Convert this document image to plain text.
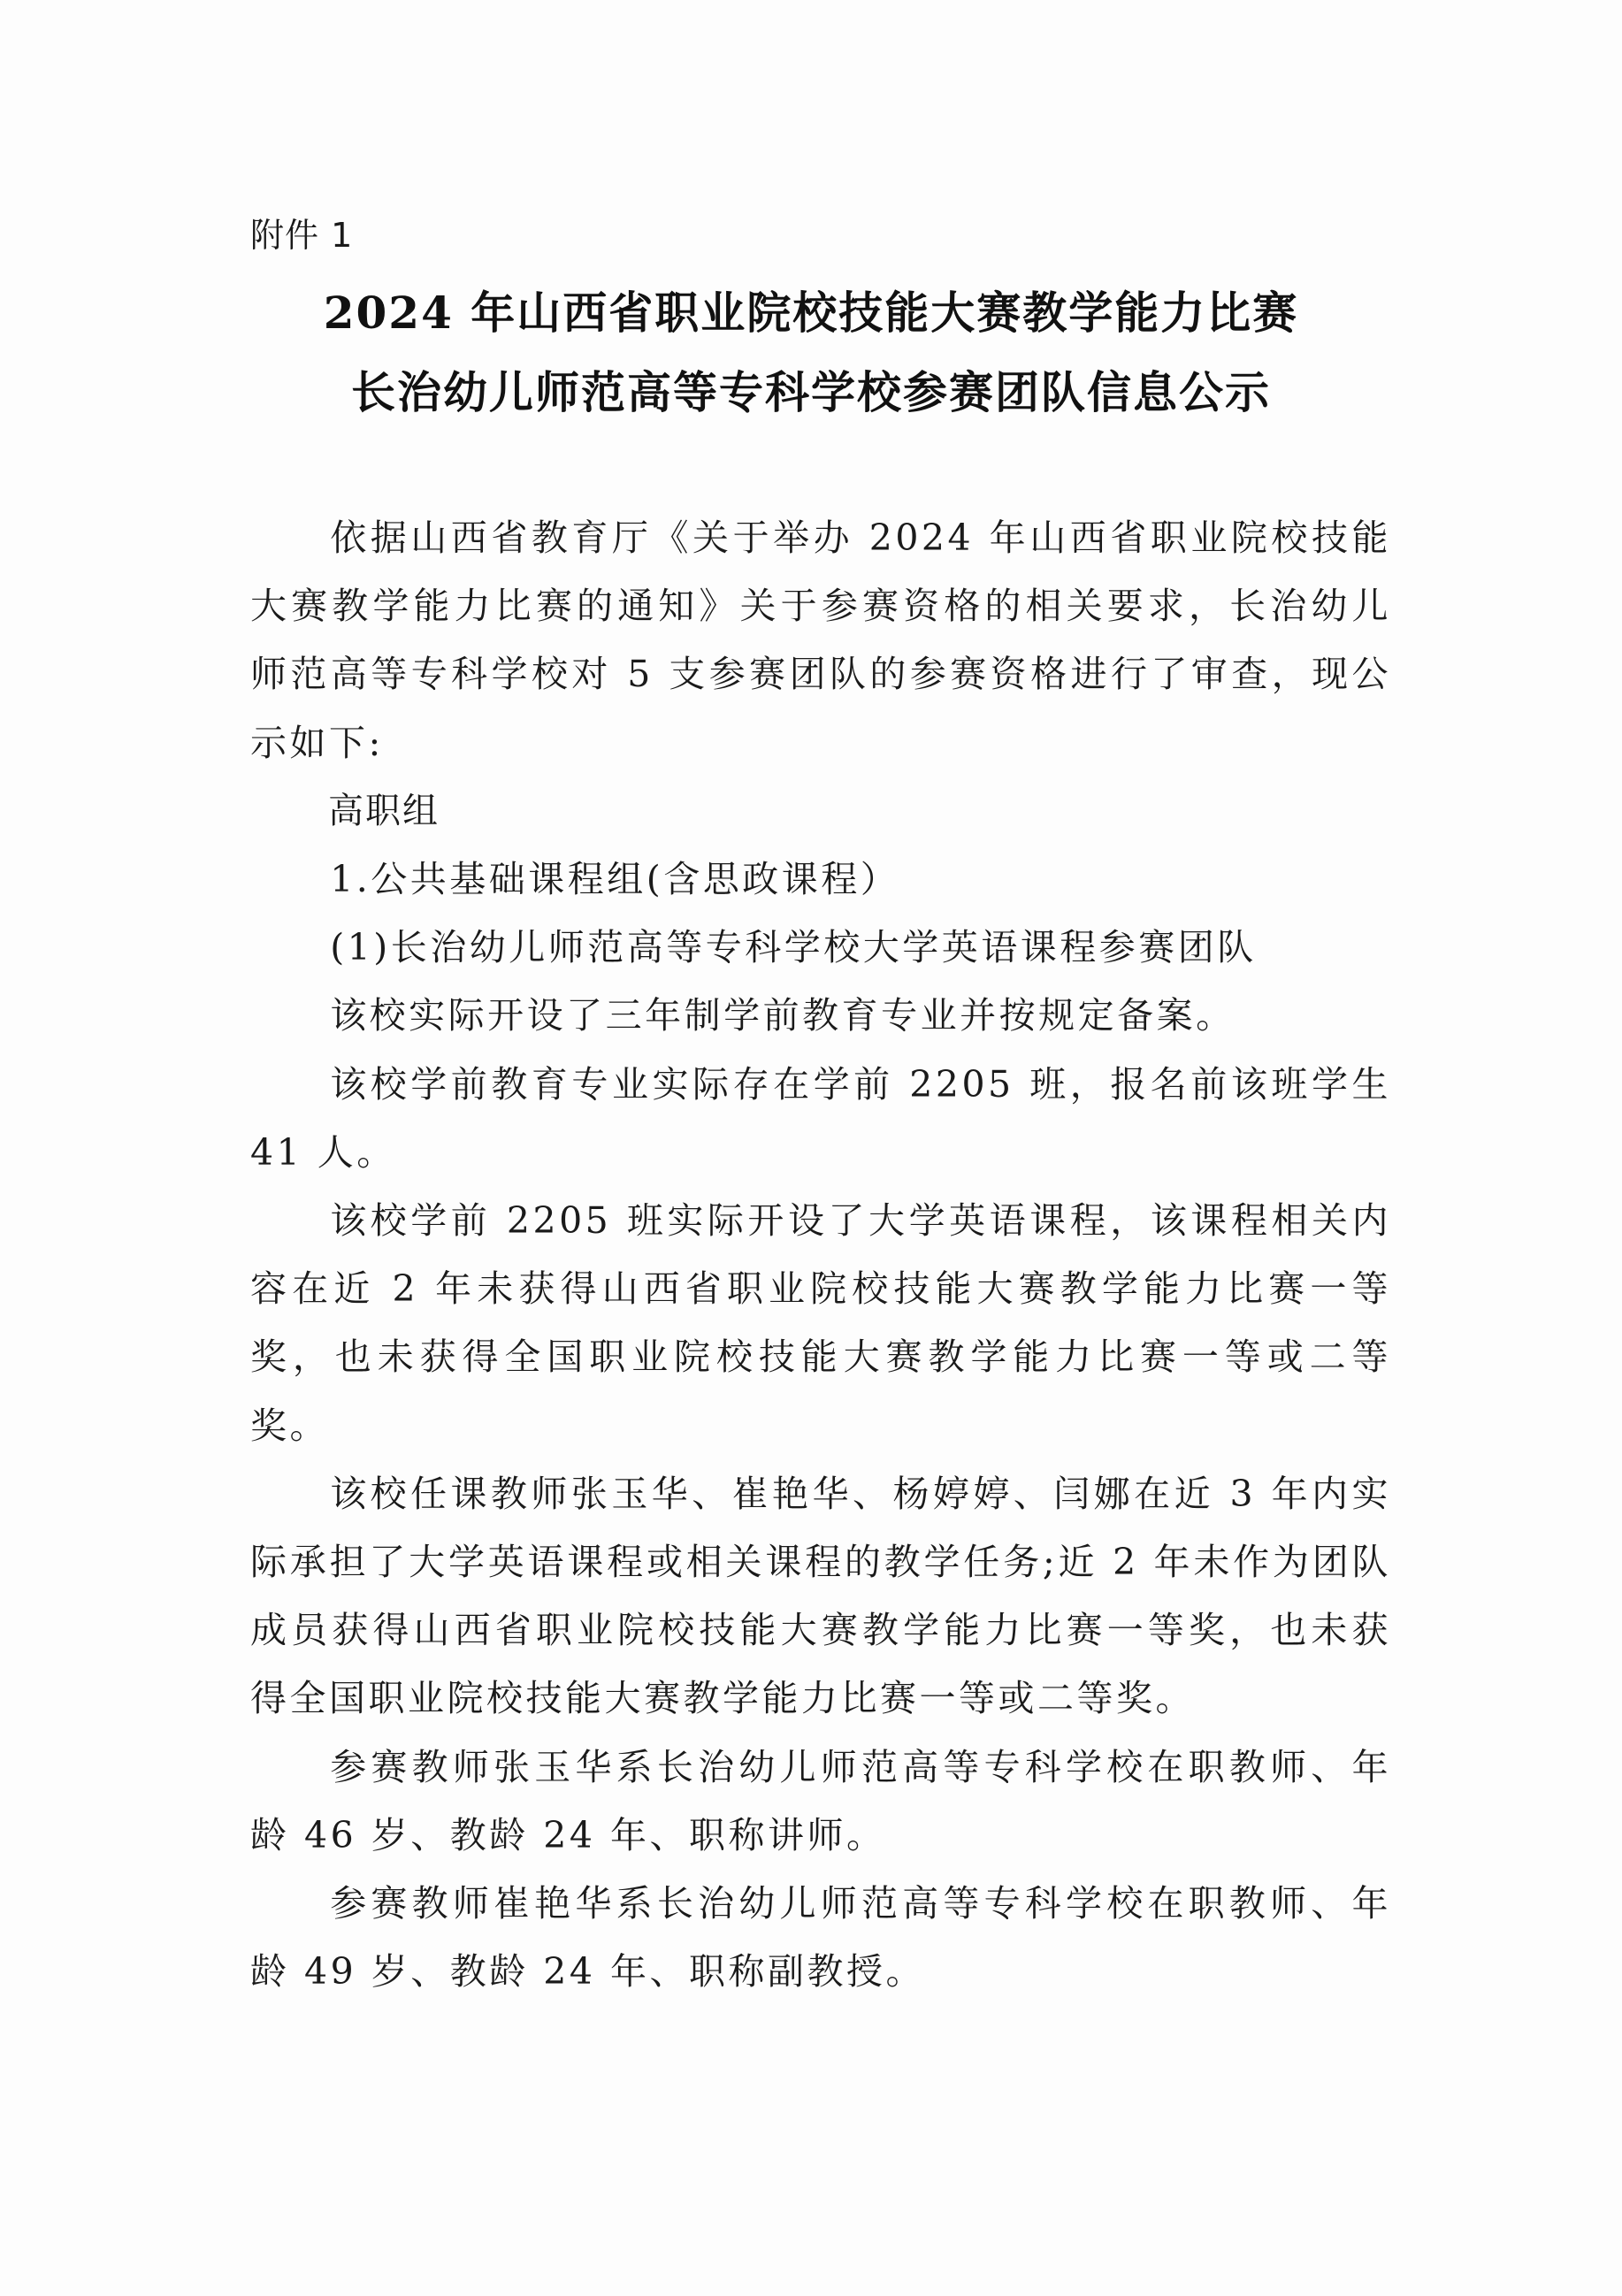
附件 1
2024 年山西省职业院校技能大赛教学能力比赛
长治幼儿师范高等专科学校参赛团队信息公示

依据山西省教育厅《关于举办 2024 年山西省职业院校技能大赛教学能力比赛的通知》关于参赛资格的相关要求，长治幼儿师范高等专科学校对 5 支参赛团队的参赛资格进行了审查，现公示如下:

高职组

1.公共基础课程组(含思政课程）

(1)长治幼儿师范高等专科学校大学英语课程参赛团队

该校实际开设了三年制学前教育专业并按规定备案。

该校学前教育专业实际存在学前 2205 班，报名前该班学生 41 人。

该校学前 2205 班实际开设了大学英语课程，该课程相关内容在近 2 年未获得山西省职业院校技能大赛教学能力比赛一等奖，也未获得全国职业院校技能大赛教学能力比赛一等或二等奖。

该校任课教师张玉华、崔艳华、杨婷婷、闫娜在近 3 年内实际承担了大学英语课程或相关课程的教学任务;近 2 年未作为团队成员获得山西省职业院校技能大赛教学能力比赛一等奖，也未获得全国职业院校技能大赛教学能力比赛一等或二等奖。

参赛教师张玉华系长治幼儿师范高等专科学校在职教师、年龄 46 岁、教龄 24 年、职称讲师。

参赛教师崔艳华系长治幼儿师范高等专科学校在职教师、年龄 49 岁、教龄 24 年、职称副教授。
